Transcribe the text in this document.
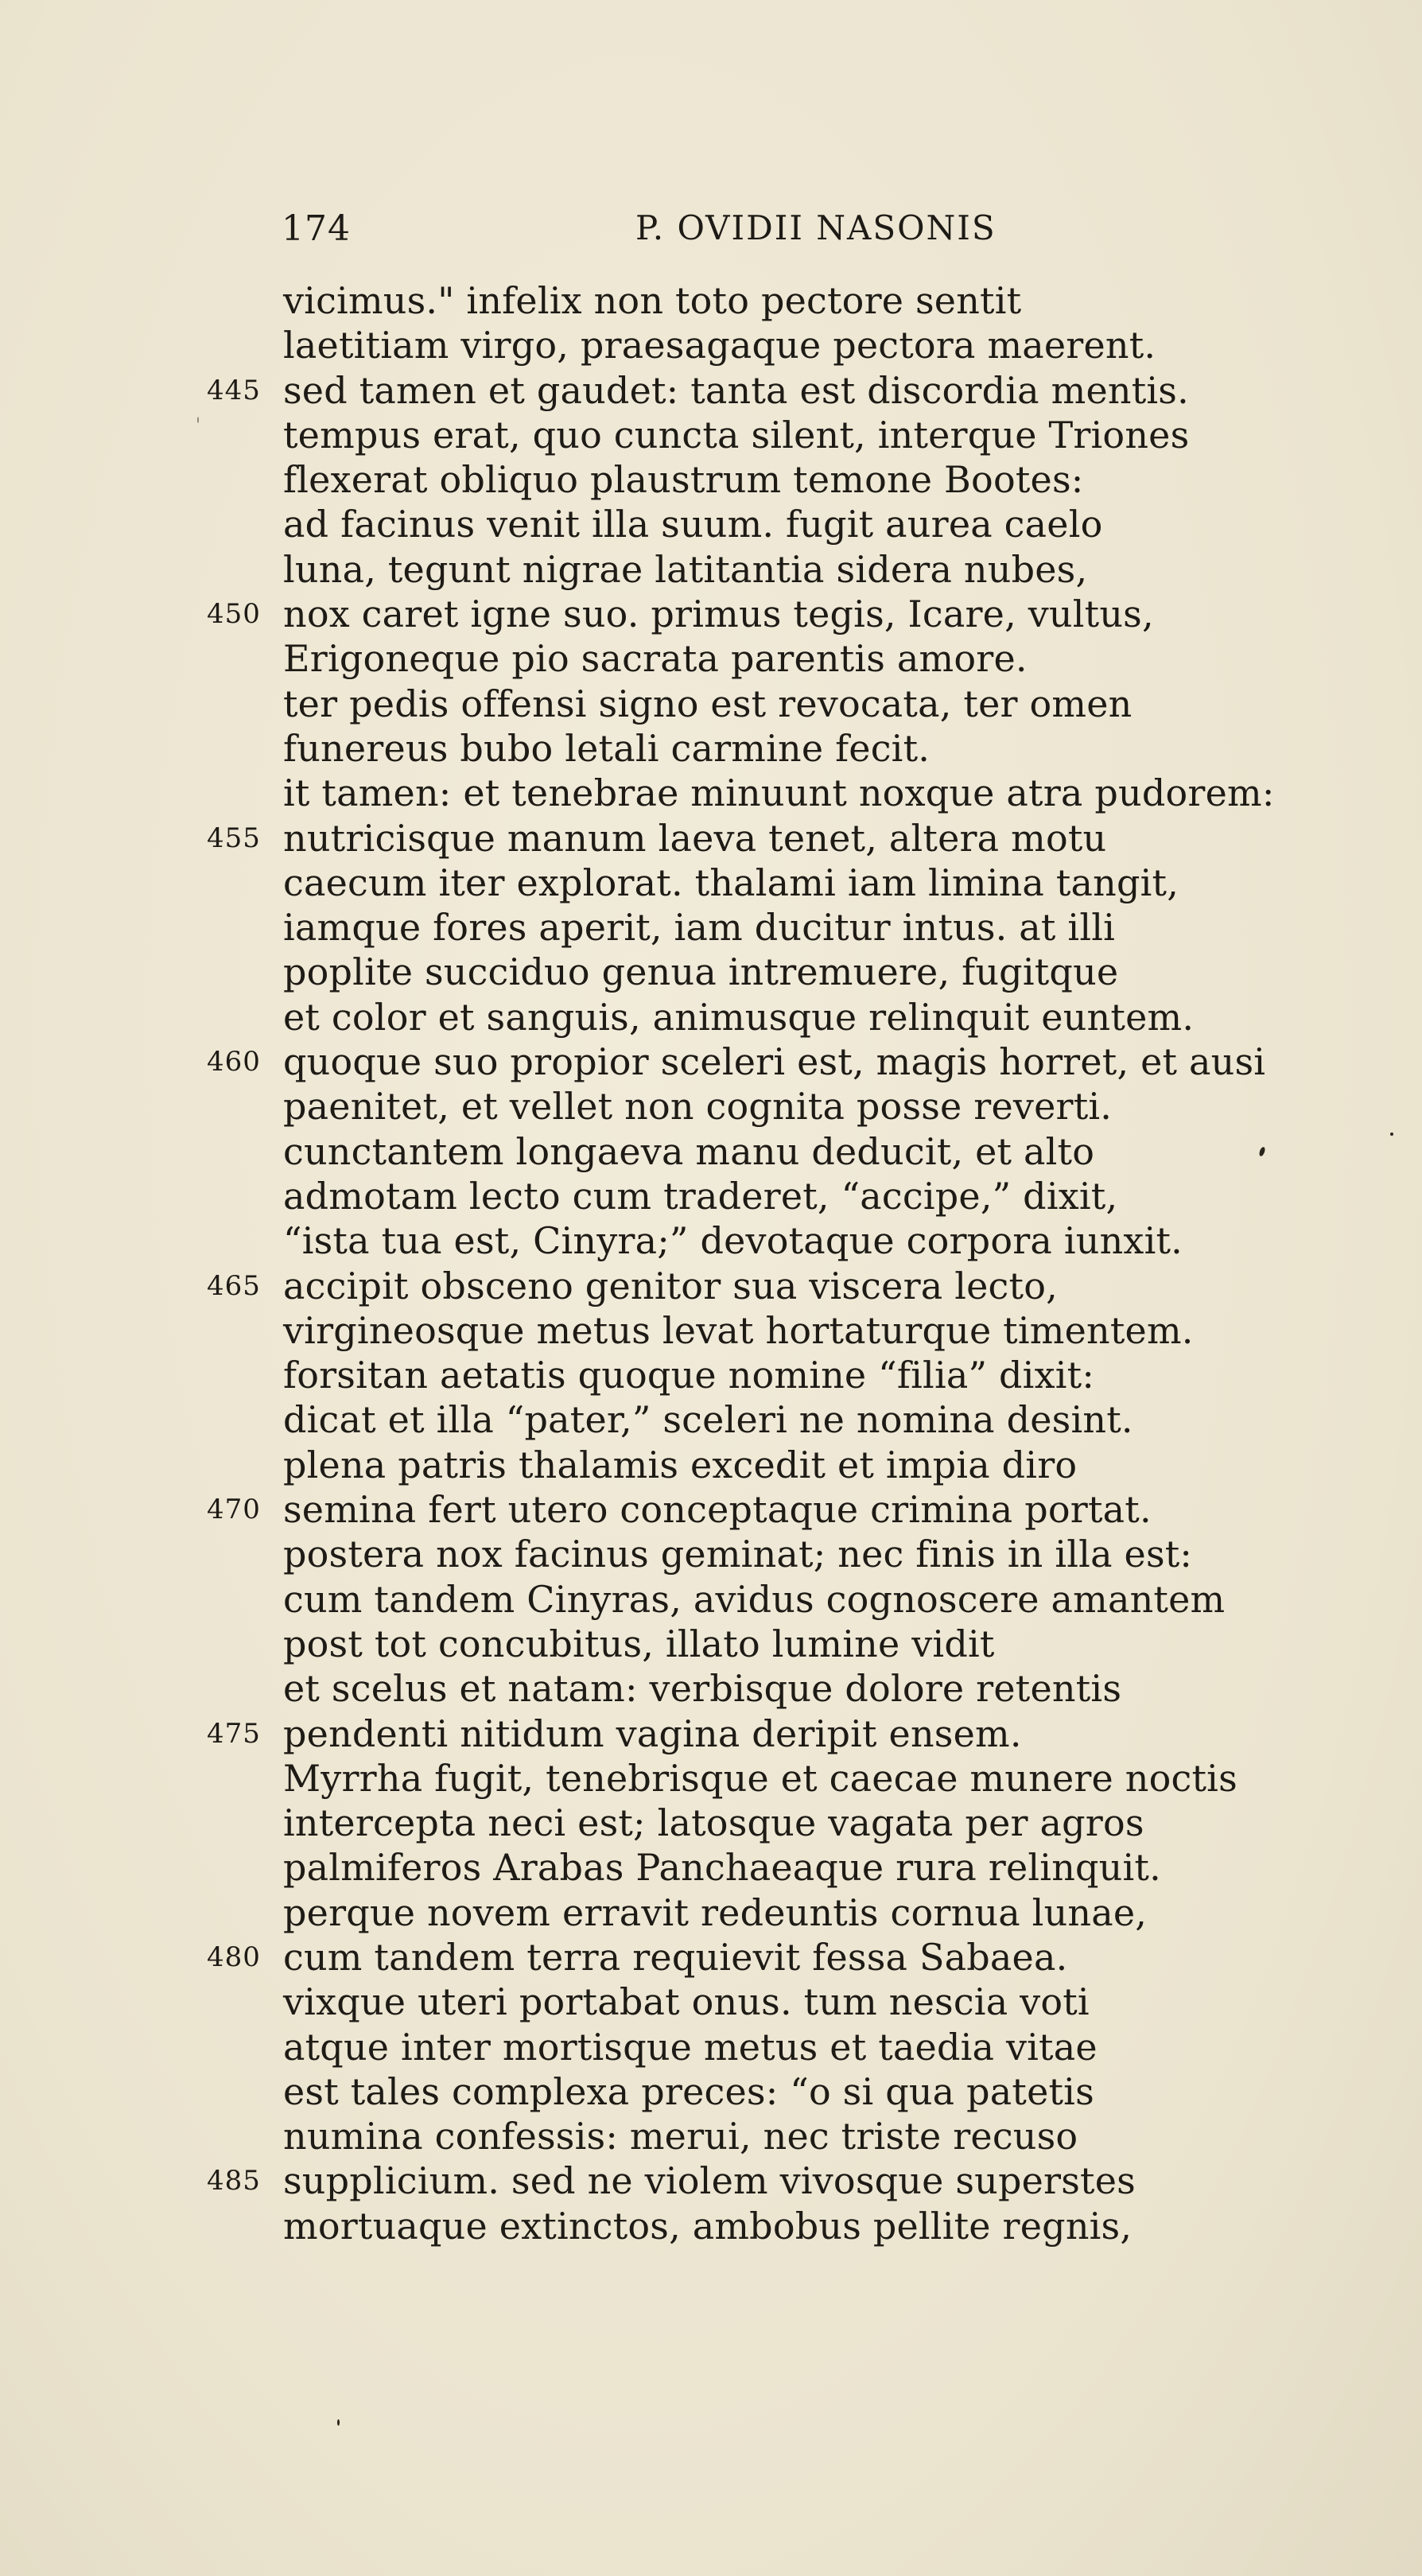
174	P. OVIDII NASONIS
vicimus." infelix non toto pectore sentit
laetitiam virgo, praesagaque pectora maerent.
445 sed tamen et gaudet: tanta est discordia mentis.
tempus erat, quo cuncta silent, interque Triones
flexerat obliquo plaustrum temone Bootes:
ad facinus venit illa suum. fugit aurea caelo
luna, tegunt nigrae latitantia sidera nubes,
450 nox caret igne suo. primus tegis, Icare, vultus,
Erigoneque pio sacrata parentis amore.
ter pedis offensi signo est revocata, ter omen
funereus bubo letali carmine fecit.
it tamen: et tenebrae minuunt noxque atra pudorem:
455 nutricisque manum laeva tenet, altera motu
caecum iter explorat. thalami iam limina tangit,
iamque fores aperit, iam ducitur intus. at illi
poplite succiduo genua intremuere, fugitque
et color et sanguis, animusque relinquit euntem.
460 quoque suo propior sceleri est, magis horret, et ausi
paenitet, et vellet non cognita posse reverti.
cunctantem longaeva manu deducit, et alto
admotam lecto cum traderet, “accipe,” dixit,
“ista tua est, Cinyra;” devotaque corpora iunxit.
465 accipit obsceno genitor sua viscera lecto,
virgineosque metus levat hortaturque timentem.
forsitan aetatis quoque nomine “filia” dixit:
dicat et illa “pater,” sceleri ne nomina desint.
plena patris thalamis excedit et impia diro
470 semina fert utero conceptaque crimina portat.
postera nox facinus geminat; nec finis in illa est:
cum tandem Cinyras, avidus cognoscere amantem
post tot concubitus, illato lumine vidit
et scelus et natam: verbisque dolore retentis
475 pendenti nitidum vagina deripit ensem.
Myrrha fugit, tenebrisque et caecae munere noctis
intercepta neci est; latosque vagata per agros
palmiferos Arabas Panchaeaque rura relinquit.
perque novem erravit redeuntis cornua lunae,
480 cum tandem terra requievit fessa Sabaea.
vixque uteri portabat onus. tum nescia voti
atque inter mortisque metus et taedia vitae
est tales complexa preces: “o si qua patetis
numina confessis: merui, nec triste recuso
485 supplicium. sed ne violem vivosque superstes
mortuaque extinctos, ambobus pellite regnis,
